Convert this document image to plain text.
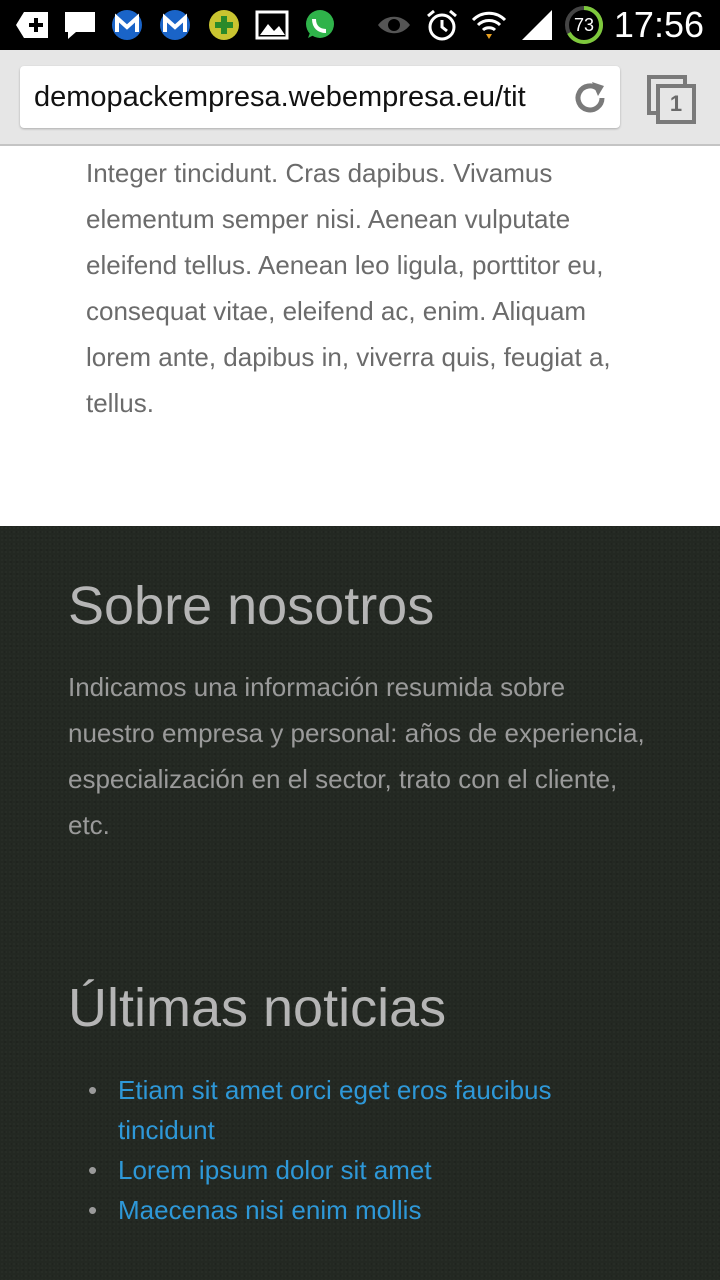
73 17:56
demopackempresa.webempresa.eu/tit	1

Integer tincidunt. Cras dapibus. Vivamus elementum semper nisi. Aenean vulputate eleifend tellus. Aenean leo ligula, porttitor eu, consequat vitae, eleifend ac, enim. Aliquam lorem ante, dapibus in, viverra quis, feugiat a, tellus.

Sobre nosotros

Indicamos una información resumida sobre nuestro empresa y personal: años de experiencia, especialización en el sector, trato con el cliente, etc.

Últimas noticias
• Etiam sit amet orci eget eros faucibus tincidunt
• Lorem ipsum dolor sit amet
• Maecenas nisi enim mollis
